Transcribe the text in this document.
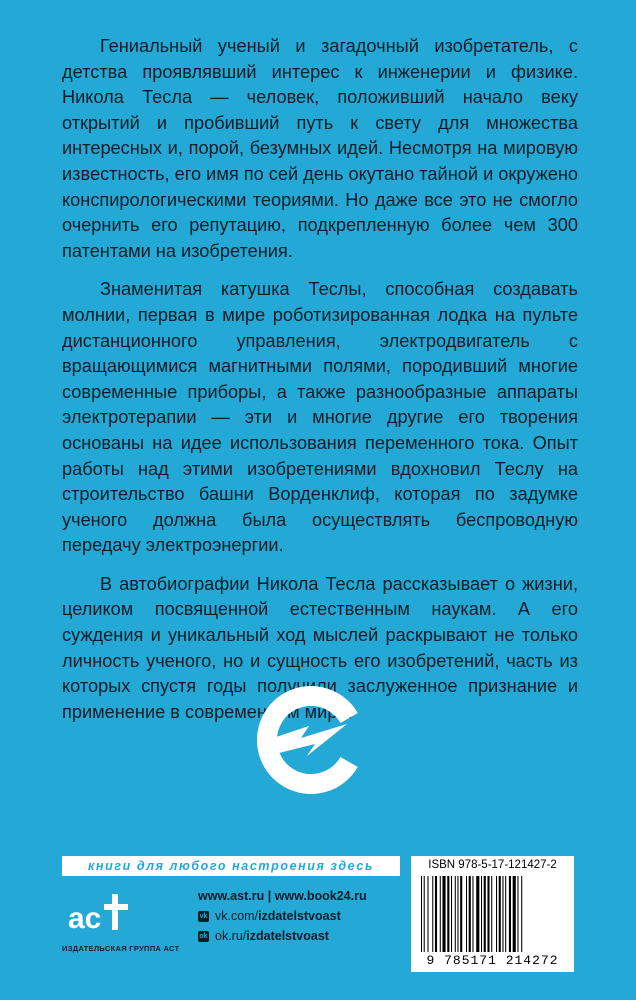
Гениальный ученый и загадочный изобретатель, с детства проявлявший интерес к инженерии и физике. Никола Тесла — человек, положивший начало веку открытий и пробивший путь к свету для множества интересных и, порой, безумных идей. Несмотря на мировую известность, его имя по сей день окутано тайной и окружено конспирологическими теориями. Но даже все это не смогло очернить его репутацию, подкрепленную более чем 300 патентами на изобретения.

Знаменитая катушка Теслы, способная создавать молнии, первая в мире роботизированная лодка на пульте дистанционного управления, электродвигатель с вращающимися магнитными полями, породивший многие современные приборы, а также разнообразные аппараты электротерапии — эти и многие другие его творения основаны на идее использования переменного тока. Опыт работы над этими изобретениями вдохновил Теслу на строительство башни Ворденклиф, которая по задумке ученого должна была осуществлять беспроводную передачу электроэнергии.

В автобиографии Никола Тесла рассказывает о жизни, целиком посвященной естественным наукам. А его суждения и уникальный ход мыслей раскрывают не только личность ученого, но и сущность его изобретений, часть из которых спустя годы получили заслуженное признание и применение в современном мире.

книги для любого настроения здесь
ас
ИЗДАТЕЛЬСКАЯ ГРУППА АСТ
www.ast.ru | www.book24.ru
vk vk.com/ izdatelstvoast
ok ok.ru/ izdatelstvoast
ISBN 978-5-17-121427-2
9 785171 214272
